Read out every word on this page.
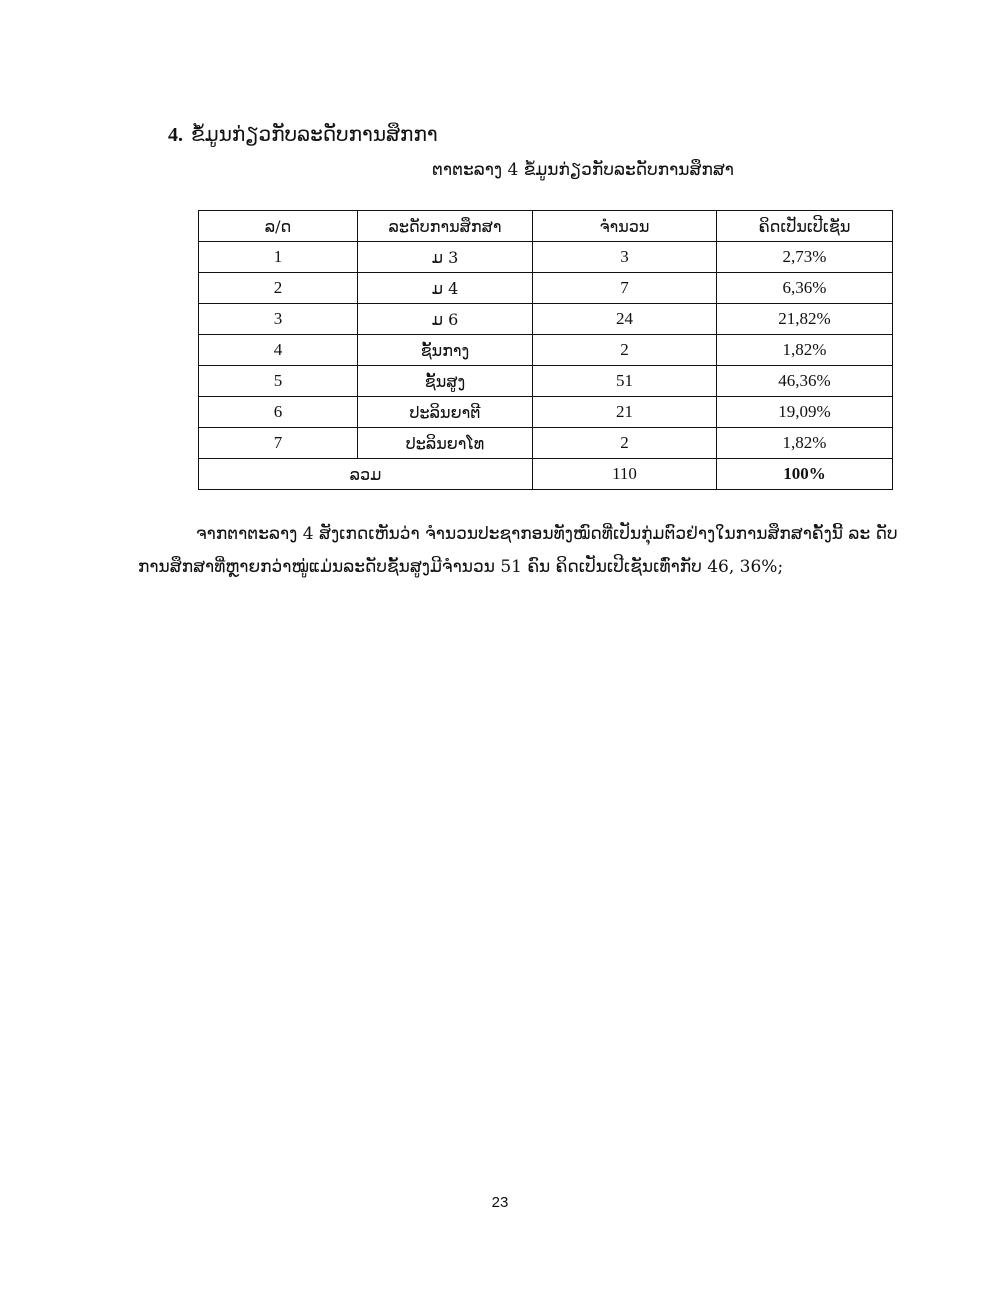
4. ຂໍ້ມູນກ່ຽວກັບລະດັບການສຶກກາ
ຕາຕະລາງ 4 ຂໍ້ມູນກ່ຽວກັບລະດັບການສຶກສາ
ລ/ດ	ລະດັບການສຶກສາ	ຈຳນວນ	ຄິດເປັນເປີເຊັນ
1	ມ 3	3	2,73%
2	ມ 4	7	6,36%
3	ມ 6	24	21,82%
4	ຊັ້ນກາງ	2	1,82%
5	ຊັ້ນສູງ	51	46,36%
6	ປະລິນຍາຕີ	21	19,09%
7	ປະລິນຍາໂທ	2	1,82%
ລວມ		110	100%
ຈາກຕາຕະລາງ 4 ສັງເກດເຫັນວ່າ ຈຳນວນປະຊາກອນທັງໝົດທີ່ເປັນກຸ່ມຕົວຢ່າງໃນການສຶກສາຄັ້ງນີ້ ລະ ດັບ
ການສຶກສາທີ່ຫຼາຍກວ່າໝູ່ແມ່ນລະດັບຊັ້ນສູງມີຈຳນວນ 51 ຄົນ ຄິດເປັນເປີເຊັນເທົ່າກັບ 46, 36%;
23
